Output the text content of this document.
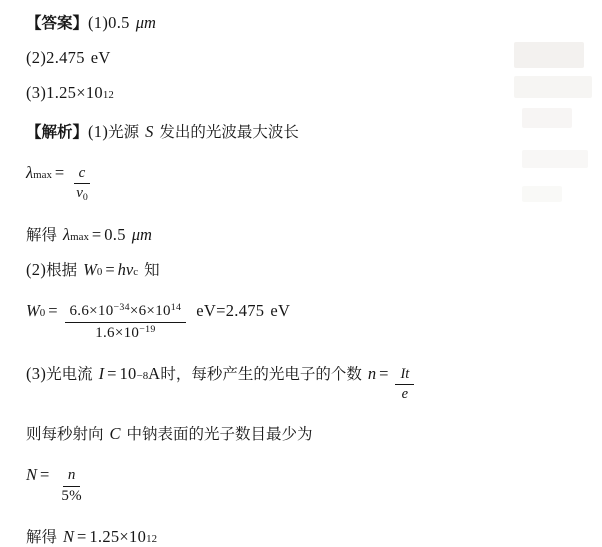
【答案】 (1) 0.5 μm
(2) 2.475 eV
(3) 1.25×10 12
【解析】 (1) 光源 S 发出的光波最大波长
λ $\max = \frac{c}{\nu_0}$
解得 λ max = 0.5 μm
(2) 根据 W 0 = hν c 知
W $0 = \frac{6.6\times 10^{-34}\times 6\times 10^{14}}{1.6\times 10^{-19}}$ eV = 2.475 eV
(3) 光电流 I = 10 −8 A 时，每秒产生的光电子的个数 $n = \frac{It}{e}$
则每秒射向 C 中钠表面的光子数目最少为
$N = \frac{n}{5\%}$
解得 N = 1.25×10 12
